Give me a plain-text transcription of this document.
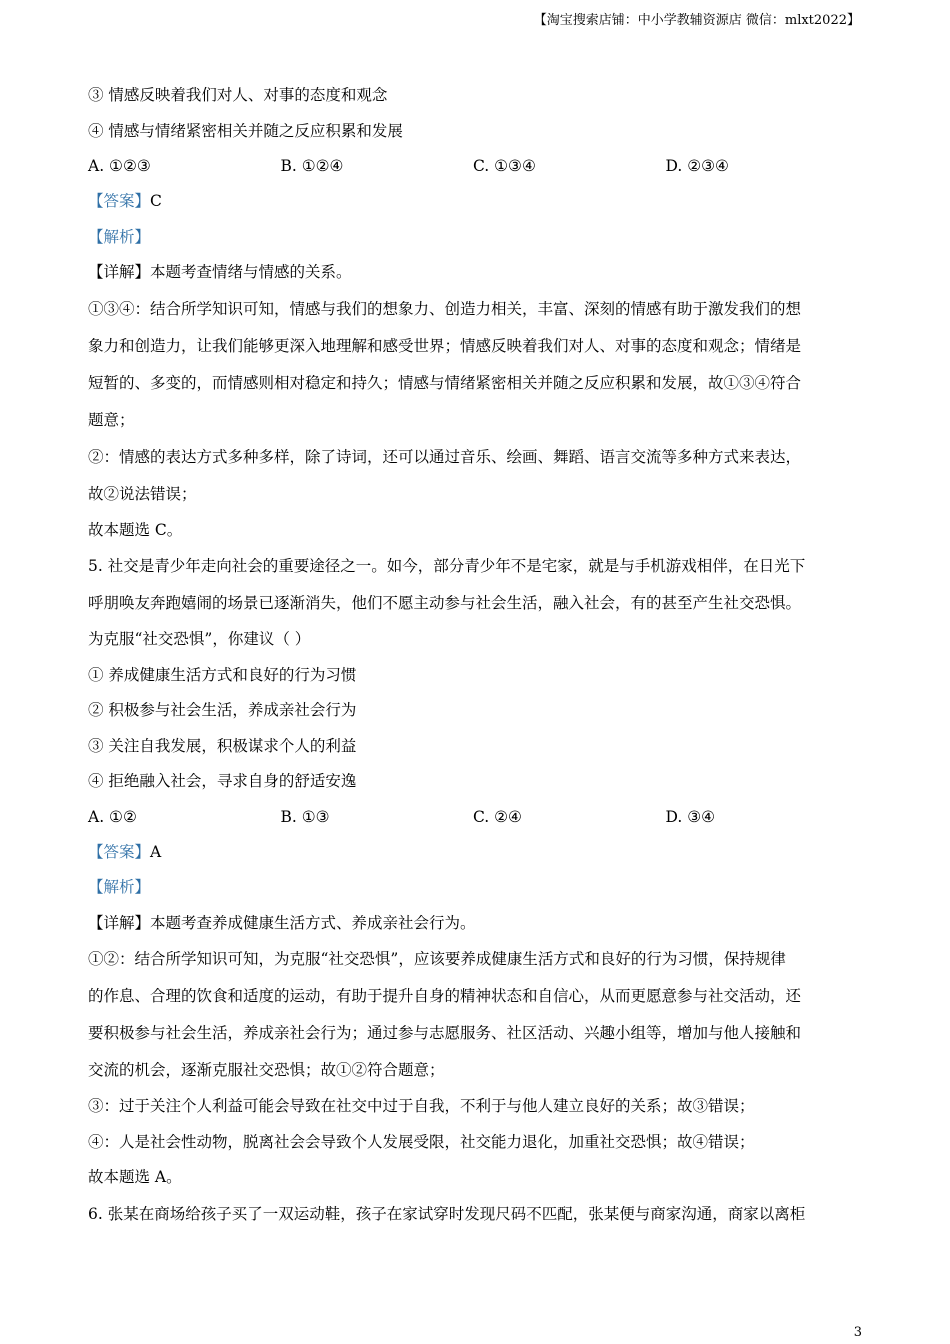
【淘宝搜索店铺：中小学教辅资源店 微信：mlxt2022】
③ 情感反映着我们对人、对事的态度和观念
④ 情感与情绪紧密相关并随之反应积累和发展
A. ①②③	B. ①②④	C. ①③④	D. ②③④
【答案】C
【解析】
【详解】本题考查情绪与情感的关系。
①③④：结合所学知识可知，情感与我们的想象力、创造力相关，丰富、深刻的情感有助于激发我们的想
象力和创造力，让我们能够更深入地理解和感受世界；情感反映着我们对人、对事的态度和观念；情绪是
短暂的、多变的，而情感则相对稳定和持久；情感与情绪紧密相关并随之反应积累和发展，故①③④符合
题意；
②：情感的表达方式多种多样，除了诗词，还可以通过音乐、绘画、舞蹈、语言交流等多种方式来表达，
故②说法错误；
故本题选 C。
5. 社交是青少年走向社会的重要途径之一。如今，部分青少年不是宅家，就是与手机游戏相伴，在日光下
呼朋唤友奔跑嬉闹的场景已逐渐消失，他们不愿主动参与社会生活，融入社会，有的甚至产生社交恐惧。
为克服“社交恐惧”，你建议（ ）
① 养成健康生活方式和良好的行为习惯
② 积极参与社会生活，养成亲社会行为
③ 关注自我发展，积极谋求个人的利益
④ 拒绝融入社会，寻求自身的舒适安逸
A. ①②	B. ①③	C. ②④	D. ③④
【答案】A
【解析】
【详解】本题考查养成健康生活方式、养成亲社会行为。
①②：结合所学知识可知，为克服“社交恐惧”，应该要养成健康生活方式和良好的行为习惯，保持规律
的作息、合理的饮食和适度的运动，有助于提升自身的精神状态和自信心，从而更愿意参与社交活动，还
要积极参与社会生活，养成亲社会行为；通过参与志愿服务、社区活动、兴趣小组等，增加与他人接触和
交流的机会，逐渐克服社交恐惧；故①②符合题意；
③：过于关注个人利益可能会导致在社交中过于自我，不利于与他人建立良好的关系；故③错误；
④：人是社会性动物，脱离社会会导致个人发展受限，社交能力退化，加重社交恐惧；故④错误；
故本题选 A。
6. 张某在商场给孩子买了一双运动鞋，孩子在家试穿时发现尺码不匹配，张某便与商家沟通，商家以离柜
3
